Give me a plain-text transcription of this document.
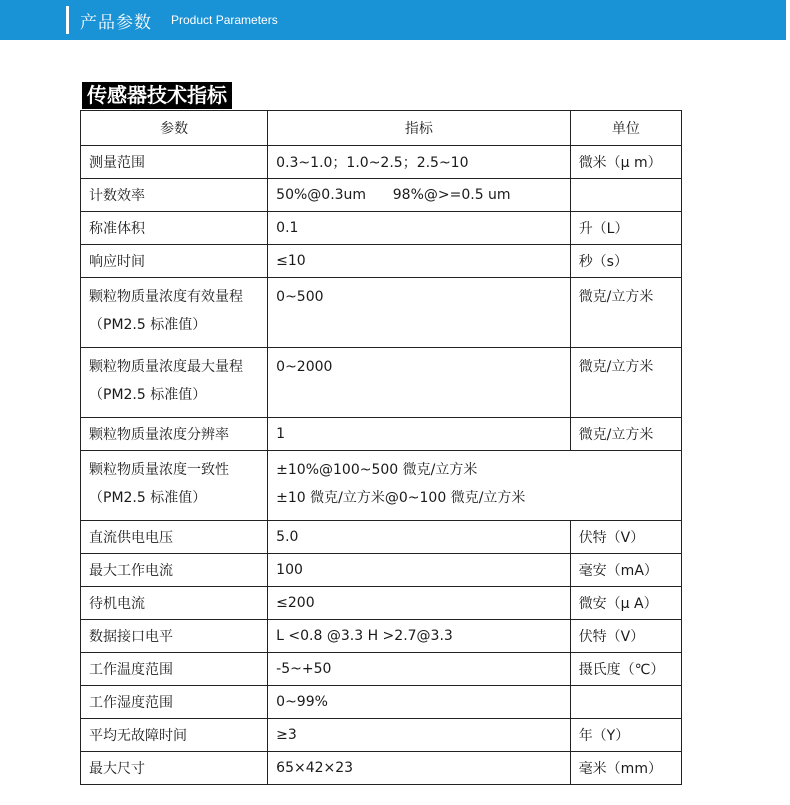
产品参数 Product Parameters
传感器技术指标
参数	指标	单位
测量范围	0.3~1.0；1.0~2.5；2.5~10	微米（μ m）
计数效率	50%@0.3um      98%@>=0.5 um	
称准体积	0.1	升（L）
响应时间	≤10	秒（s）
颗粒物质量浓度有效量程（PM2.5 标准值）	0~500	微克/立方米
颗粒物质量浓度最大量程（PM2.5 标准值）	0~2000	微克/立方米
颗粒物质量浓度分辨率	1	微克/立方米
颗粒物质量浓度一致性（PM2.5 标准值）	±10%@100~500 微克/立方米
±10 微克/立方米@0~100 微克/立方米	

直流供电电压	5.0	伏特（V）
最大工作电流	100	毫安（mA）
待机电流	≤200	微安（μ A）
数据接口电平	L <0.8 @3.3 H >2.7@3.3	伏特（V）
工作温度范围	-5~+50	摄氏度（℃）
工作湿度范围	0~99%	
平均无故障时间	≥3	年（Y）
最大尺寸	65×42×23	毫米（mm）
